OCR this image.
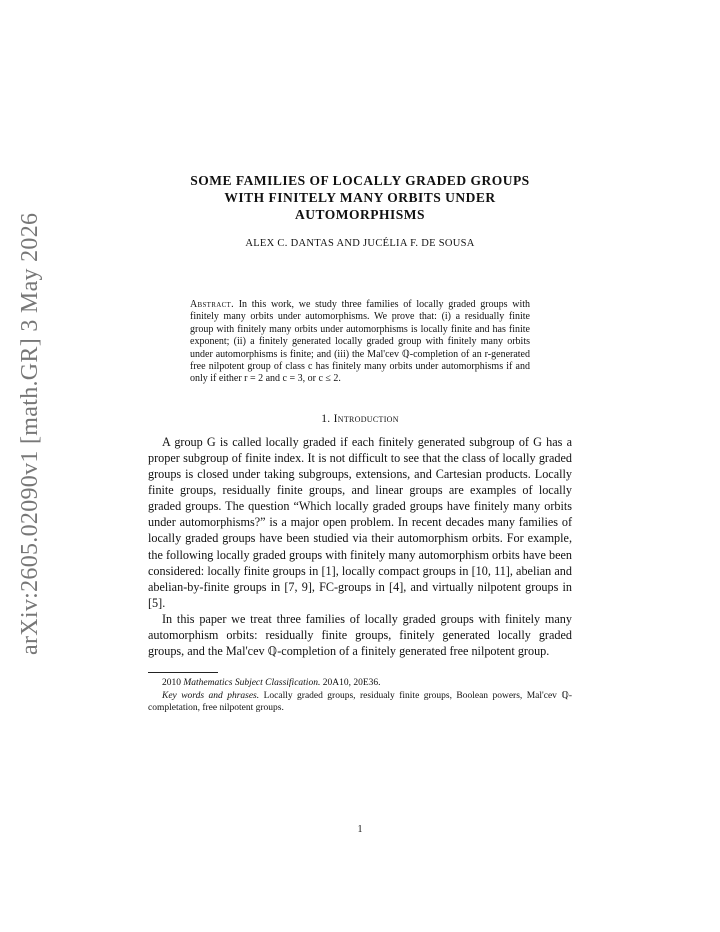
arXiv:2605.02090v1 [math.GR] 3 May 2026
SOME FAMILIES OF LOCALLY GRADED GROUPS
WITH FINITELY MANY ORBITS UNDER
AUTOMORPHISMS
ALEX C. DANTAS AND JUCÉLIA F. DE SOUSA
Abstract. In this work, we study three families of locally graded groups with finitely many orbits under automorphisms. We prove that: (i) a residually finite group with finitely many orbits under automorphisms is locally finite and has finite exponent; (ii) a finitely generated locally graded group with finitely many orbits under automorphisms is finite; and (iii) the Mal'cev ℚ-completion of an r-generated free nilpotent group of class c has finitely many orbits under automorphisms if and only if either r = 2 and c = 3, or c ≤ 2.
1. Introduction

A group G is called locally graded if each finitely generated subgroup of G has a proper subgroup of finite index. It is not difficult to see that the class of locally graded groups is closed under taking subgroups, extensions, and Cartesian products. Locally finite groups, residually finite groups, and linear groups are examples of locally graded groups. The question “Which locally graded groups have finitely many orbits under automorphisms?” is a major open problem. In recent decades many families of locally graded groups have been studied via their automorphism orbits. For example, the following locally graded groups with finitely many automorphism orbits have been considered: locally finite groups in [1], locally compact groups in [10, 11], abelian and abelian-by-finite groups in [7, 9], FC-groups in [4], and virtually nilpotent groups in [5].

In this paper we treat three families of locally graded groups with finitely many automorphism orbits: residually finite groups, finitely generated locally graded groups, and the Mal'cev ℚ-completion of a finitely generated free nilpotent group.

2010 Mathematics Subject Classification. 20A10, 20E36.

Key words and phrases. Locally graded groups, residualy finite groups, Boolean powers, Mal'cev ℚ-completation, free nilpotent groups.

1
